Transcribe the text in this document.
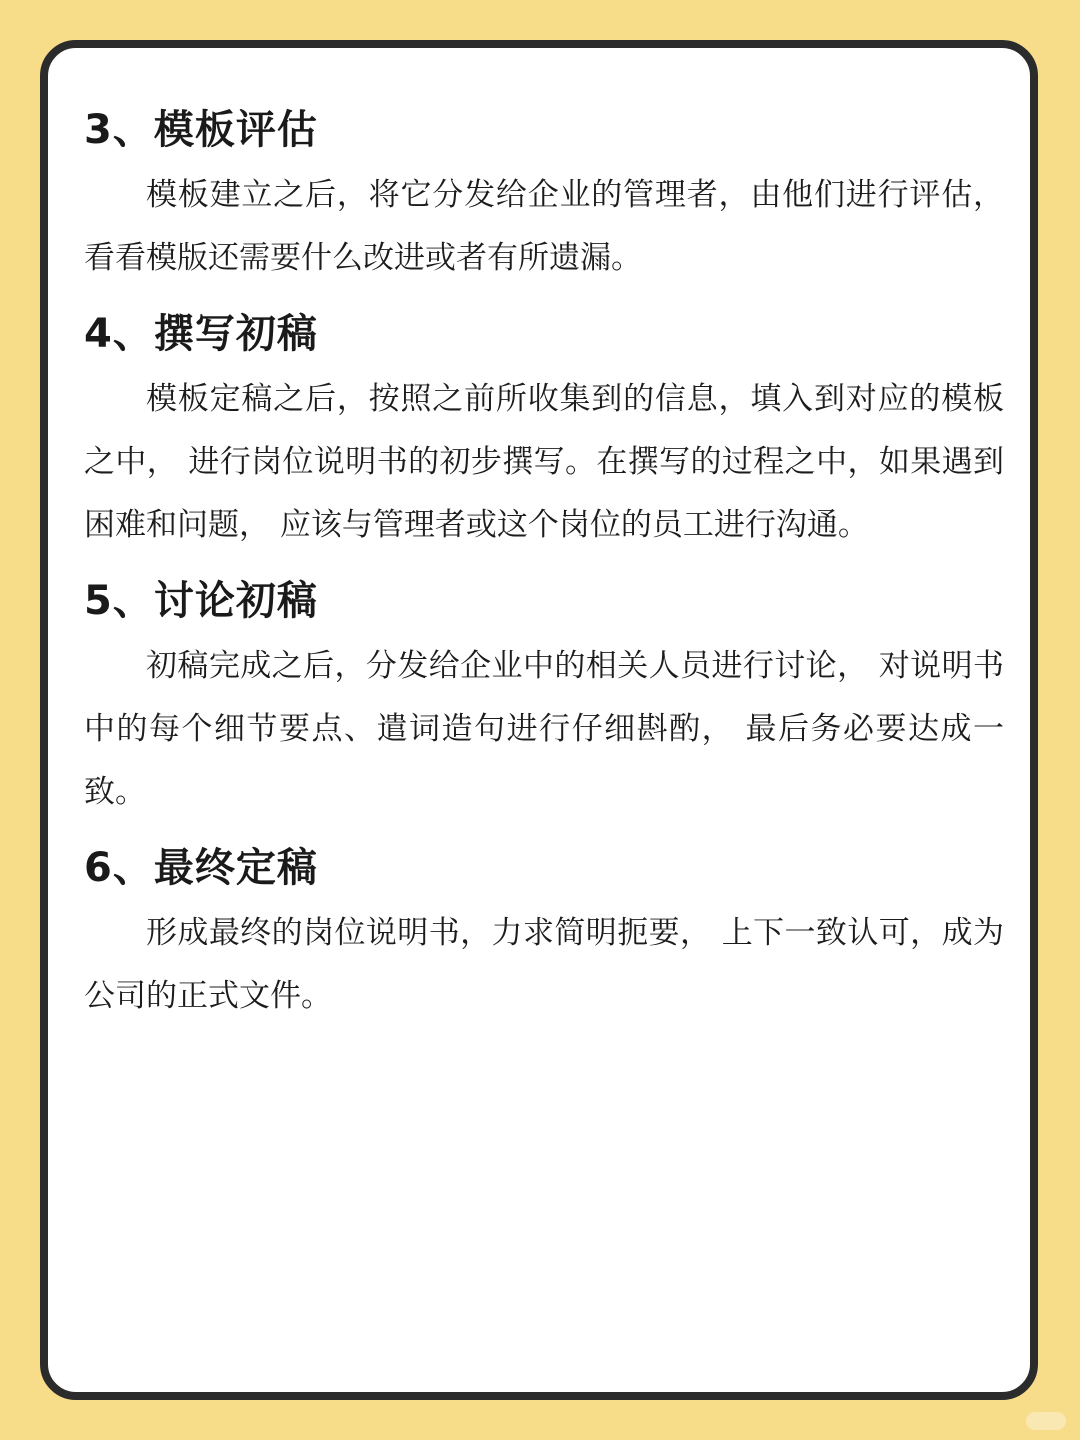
3、模板评估

模板建立之后，将它分发给企业的管理者，由他们进行评估，看看模版还需要什么改进或者有所遗漏。

4、撰写初稿

模板定稿之后，按照之前所收集到的信息，填入到对应的模板之中， 进行岗位说明书的初步撰写。在撰写的过程之中，如果遇到困难和问题， 应该与管理者或这个岗位的员工进行沟通。

5、讨论初稿

初稿完成之后，分发给企业中的相关人员进行讨论， 对说明书中的每个细节要点、遣词造句进行仔细斟酌， 最后务必要达成一致。

6、最终定稿

形成最终的岗位说明书，力求简明扼要， 上下一致认可，成为公司的正式文件。
